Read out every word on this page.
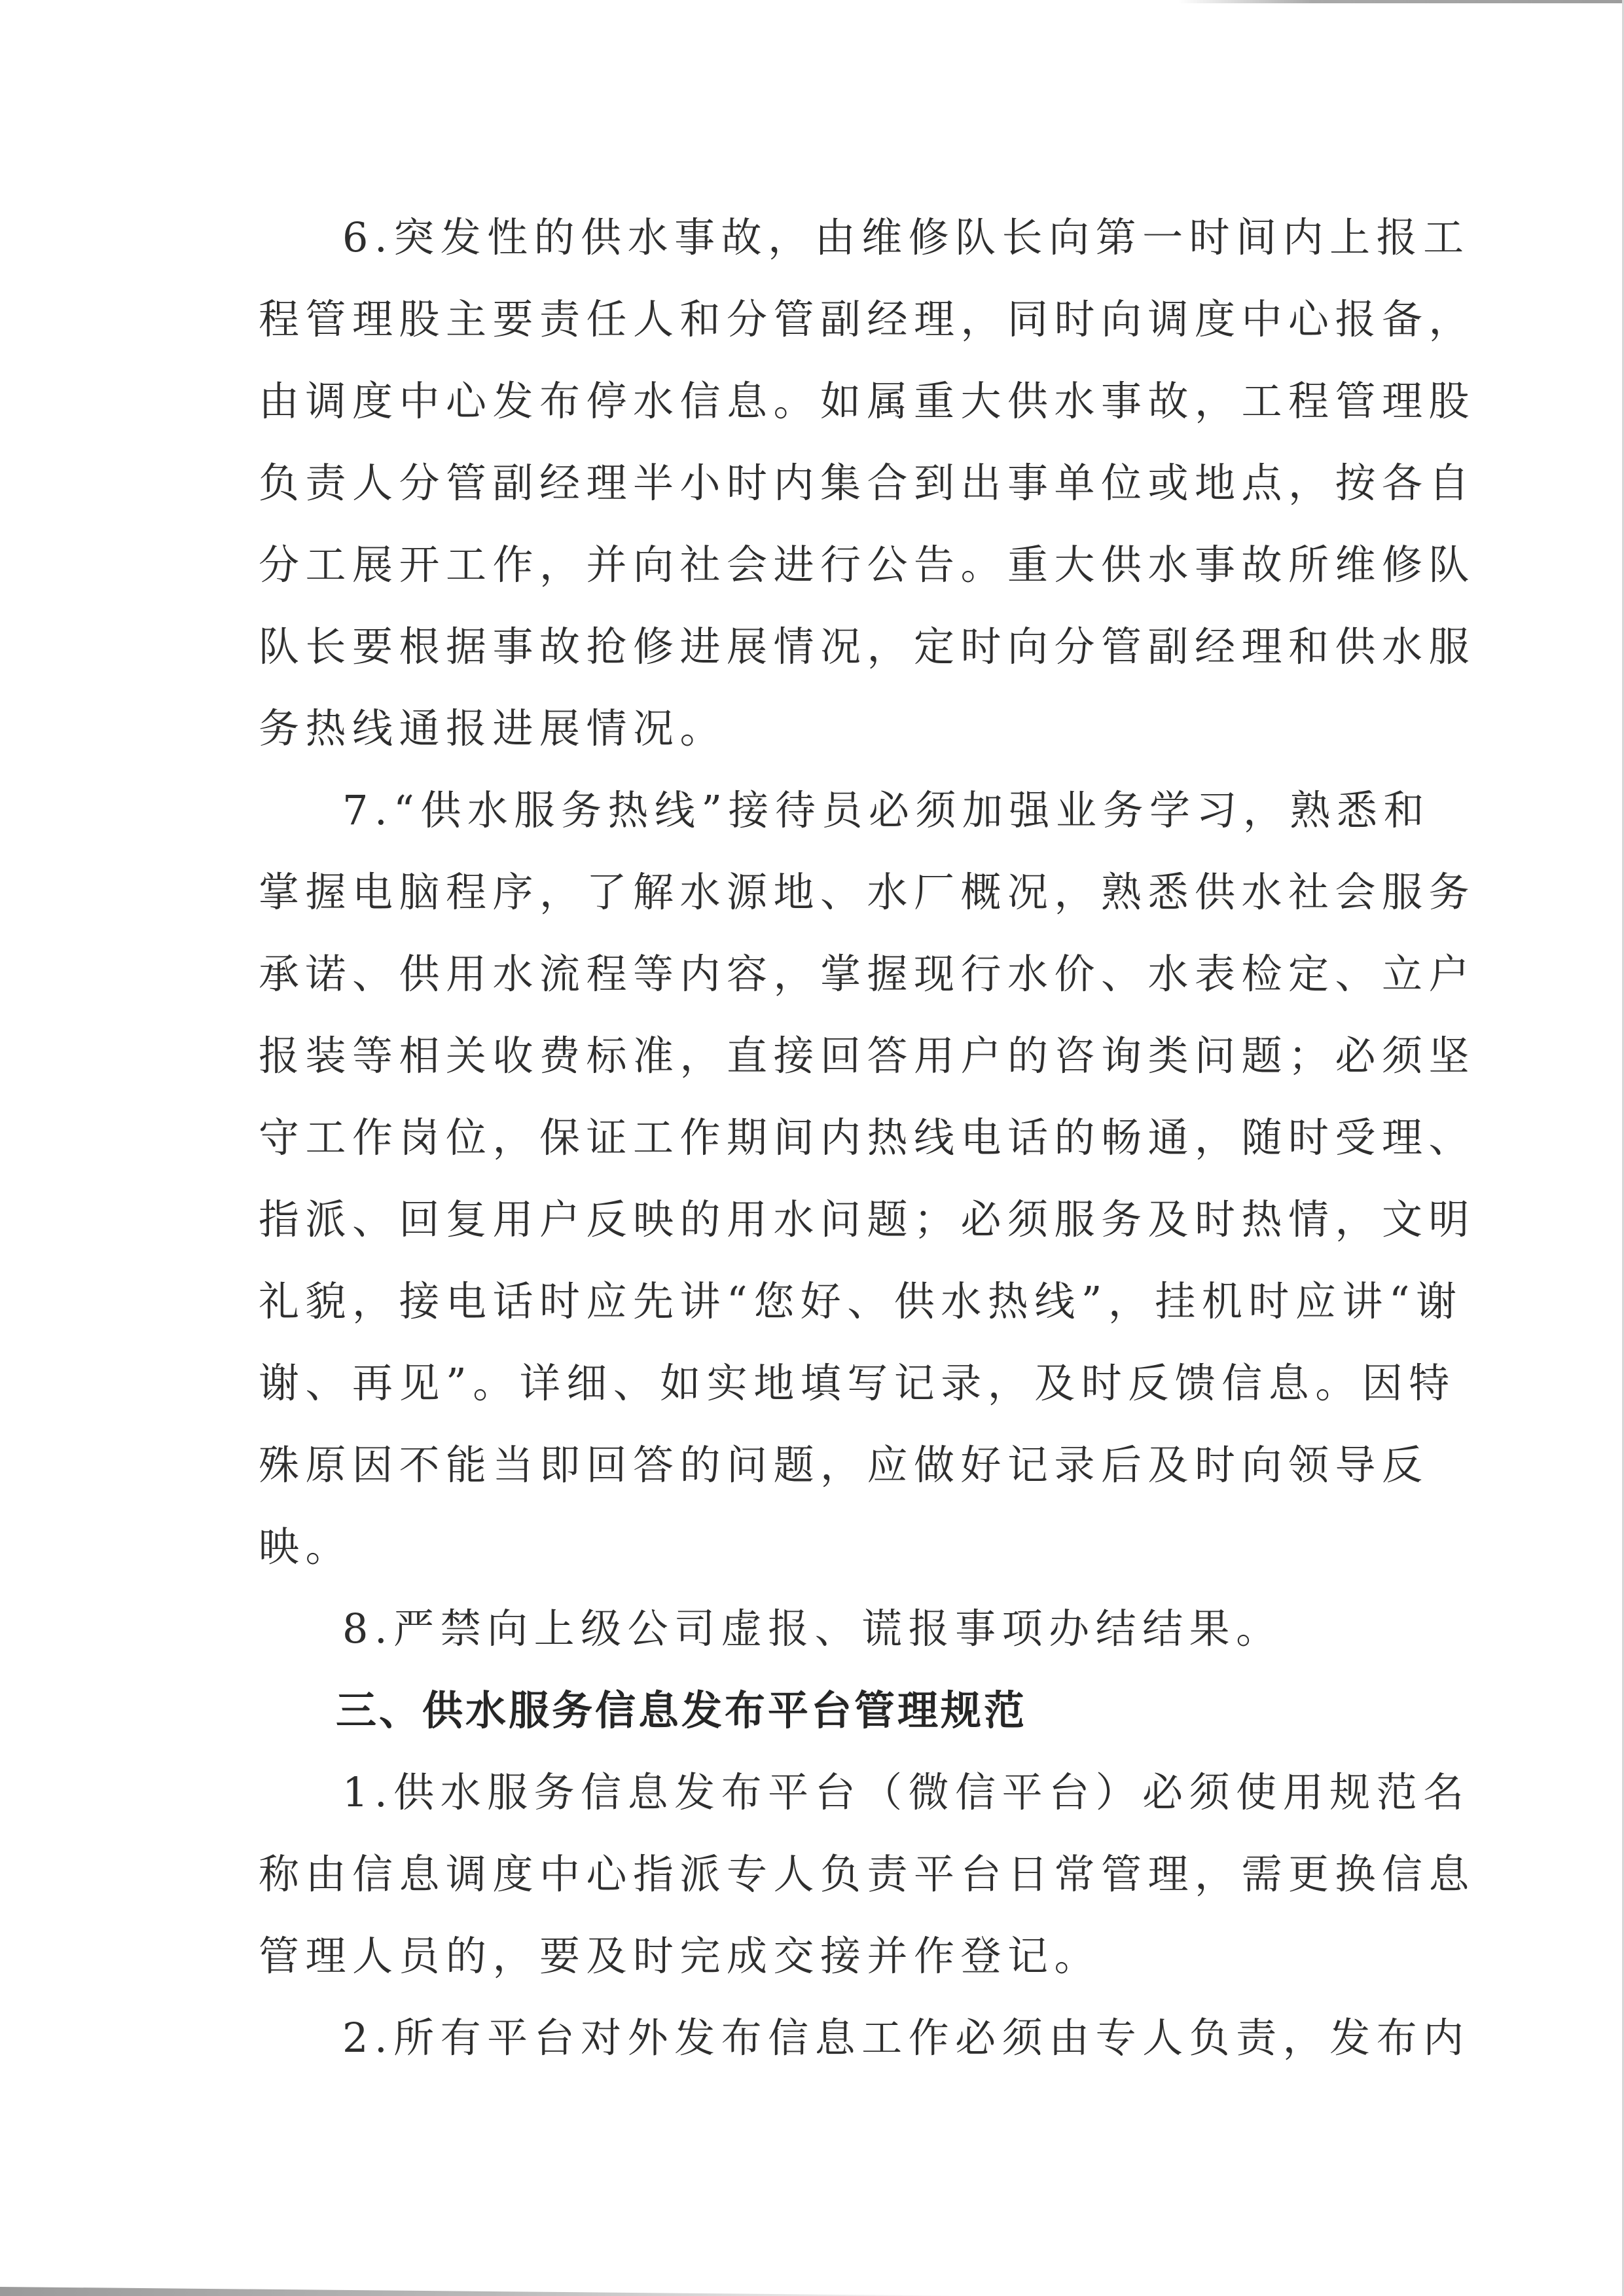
6.突发性的供水事故，由维修队长向第一时间内上报工
程管理股主要责任人和分管副经理，同时向调度中心报备，
由调度中心发布停水信息。如属重大供水事故，工程管理股
负责人分管副经理半小时内集合到出事单位或地点，按各自
分工展开工作，并向社会进行公告。重大供水事故所维修队
队长要根据事故抢修进展情况，定时向分管副经理和供水服
务热线通报进展情况。

7.“供水服务热线”接待员必须加强业务学习，熟悉和
掌握电脑程序，了解水源地、水厂概况，熟悉供水社会服务
承诺、供用水流程等内容，掌握现行水价、水表检定、立户
报装等相关收费标准，直接回答用户的咨询类问题；必须坚
守工作岗位，保证工作期间内热线电话的畅通，随时受理、
指派、回复用户反映的用水问题；必须服务及时热情，文明
礼貌，接电话时应先讲“您好、供水热线”，挂机时应讲“谢
谢、再见”。详细、如实地填写记录，及时反馈信息。因特
殊原因不能当即回答的问题，应做好记录后及时向领导反
映。

8.严禁向上级公司虚报、谎报事项办结结果。

三、供水服务信息发布平台管理规范

1.供水服务信息发布平台（微信平台）必须使用规范名
称由信息调度中心指派专人负责平台日常管理，需更换信息
管理人员的，要及时完成交接并作登记。

2.所有平台对外发布信息工作必须由专人负责，发布内
